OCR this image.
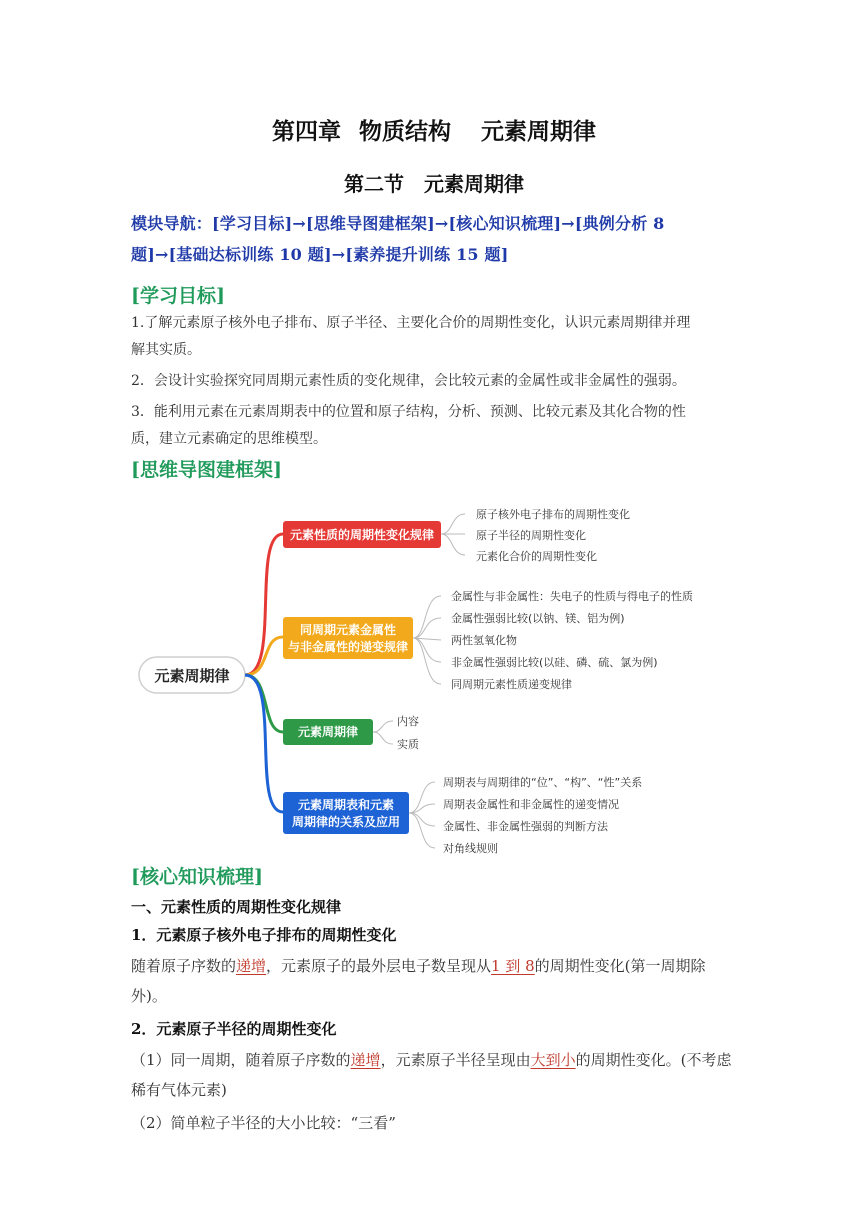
第四章 物质结构 元素周期律
第二节 元素周期律
模块导航：[学习目标]→[思维导图建框架]→[核心知识梳理]→[典例分析 8
题]→[基础达标训练 10 题]→[素养提升训练 15 题]
[学习目标]
1.了解元素原子核外电子排布、原子半径、主要化合价的周期性变化，认识元素周期律并理
解其实质。
2．会设计实验探究同周期元素性质的变化规律，会比较元素的金属性或非金属性的强弱。
3．能利用元素在元素周期表中的位置和原子结构，分析、预测、比较元素及其化合物的性
质，建立元素确定的思维模型。
[思维导图建框架]
元素周期律
元素性质的周期性变化规律
原子核外电子排布的周期性变化
原子半径的周期性变化
元素化合价的周期性变化
同周期元素金属性
与非金属性的递变规律
金属性与非金属性：失电子的性质与得电子的性质
金属性强弱比较(以钠、镁、铝为例)
两性氢氧化物
非金属性强弱比较(以硅、磷、硫、氯为例)
同周期元素性质递变规律
元素周期律
内容
实质
元素周期表和元素
周期律的关系及应用
周期表与周期律的“位”、“构”、“性”关系
周期表金属性和非金属性的递变情况
金属性、非金属性强弱的判断方法
对角线规则
[核心知识梳理]
一、元素性质的周期性变化规律
1．元素原子核外电子排布的周期性变化
随着原子序数的递增，元素原子的最外层电子数呈现从1 到 8的周期性变化(第一周期除
外)。
2．元素原子半径的周期性变化
（1）同一周期，随着原子序数的递增，元素原子半径呈现由大到小的周期性变化。(不考虑
稀有气体元素)
（2）简单粒子半径的大小比较：“三看”
